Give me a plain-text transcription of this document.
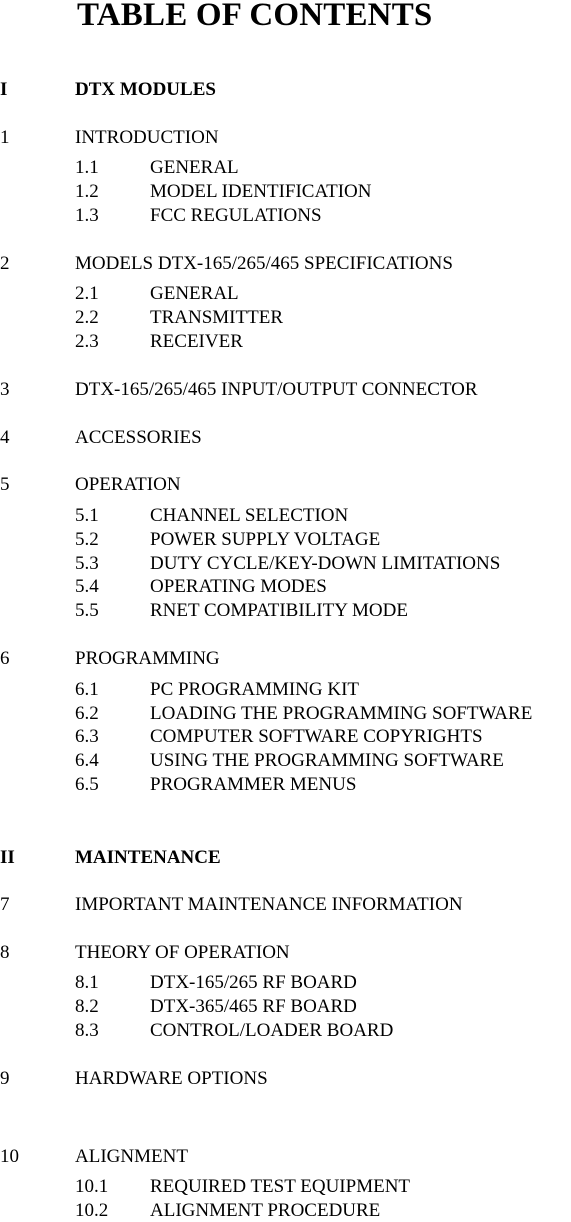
TABLE OF CONTENTS
I	DTX MODULES
1	INTRODUCTION
1.1	GENERAL
1.2	MODEL IDENTIFICATION
1.3	FCC REGULATIONS
2	MODELS DTX-165/265/465 SPECIFICATIONS
2.1	GENERAL
2.2	TRANSMITTER
2.3	RECEIVER
3	DTX-165/265/465 INPUT/OUTPUT CONNECTOR
4	ACCESSORIES
5	OPERATION
5.1	CHANNEL SELECTION
5.2	POWER SUPPLY VOLTAGE
5.3	DUTY CYCLE/KEY-DOWN LIMITATIONS
5.4	OPERATING MODES
5.5	RNET COMPATIBILITY MODE
6	PROGRAMMING
6.1	PC PROGRAMMING KIT
6.2	LOADING THE PROGRAMMING SOFTWARE
6.3	COMPUTER SOFTWARE COPYRIGHTS
6.4	USING THE PROGRAMMING SOFTWARE
6.5	PROGRAMMER MENUS
II	MAINTENANCE
7	IMPORTANT MAINTENANCE INFORMATION
8	THEORY OF OPERATION
8.1	DTX-165/265 RF BOARD
8.2	DTX-365/465 RF BOARD
8.3	CONTROL/LOADER BOARD
9	HARDWARE OPTIONS
10	ALIGNMENT
10.1 REQUIRED TEST EQUIPMENT
10.2 ALIGNMENT PROCEDURE
